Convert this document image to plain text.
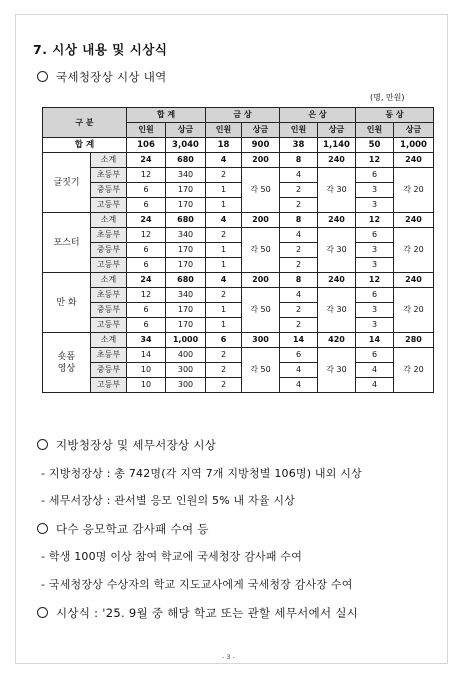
7. 시상 내용 및 시상식
국세청장상 시상 내역
(명, 만원)
구 분		합 계		금 상		은 상		동 상	
		인원	상금	인원	상금	인원	상금	인원	상금
합 계		106	3,040	18	900	38	1,140	50	1,000
글짓기	소계	24	680	4	200	8	240	12	240
	초등부	12	340	2	각 50	4	각 30	6	각 20
	중등부	6	170	1		2		3	
	고등부	6	170	1		2		3	
포스터	소계	24	680	4	200	8	240	12	240
	초등부	12	340	2	각 50	4	각 30	6	각 20
	중등부	6	170	1		2		3	
	고등부	6	170	1		2		3	
만 화	소계	24	680	4	200	8	240	12	240
	초등부	12	340	2	각 50	4	각 30	6	각 20
	중등부	6	170	1		2		3	
	고등부	6	170	1		2		3	
숏폼
영상	소계	34	1,000	6	300	14	420	14	280
	초등부	14	400	2	각 50	6	각 30	6	각 20
	중등부	10	300	2		4		4	
	고등부	10	300	2		4		4	
지방청장상 및 세무서장상 시상
- 지방청장상 : 총 742명(각 지역 7개 지방청별 106명) 내외 시상
- 세무서장상 : 관서별 응모 인원의 5% 내 자율 시상
다수 응모학교 감사패 수여 등
- 학생 100명 이상 참여 학교에 국세청장 감사패 수여
- 국세청장상 수상자의 학교 지도교사에게 국세청장 감사장 수여
시상식 : '25. 9월 중 해당 학교 또는 관할 세무서에서 실시
- 3 -
